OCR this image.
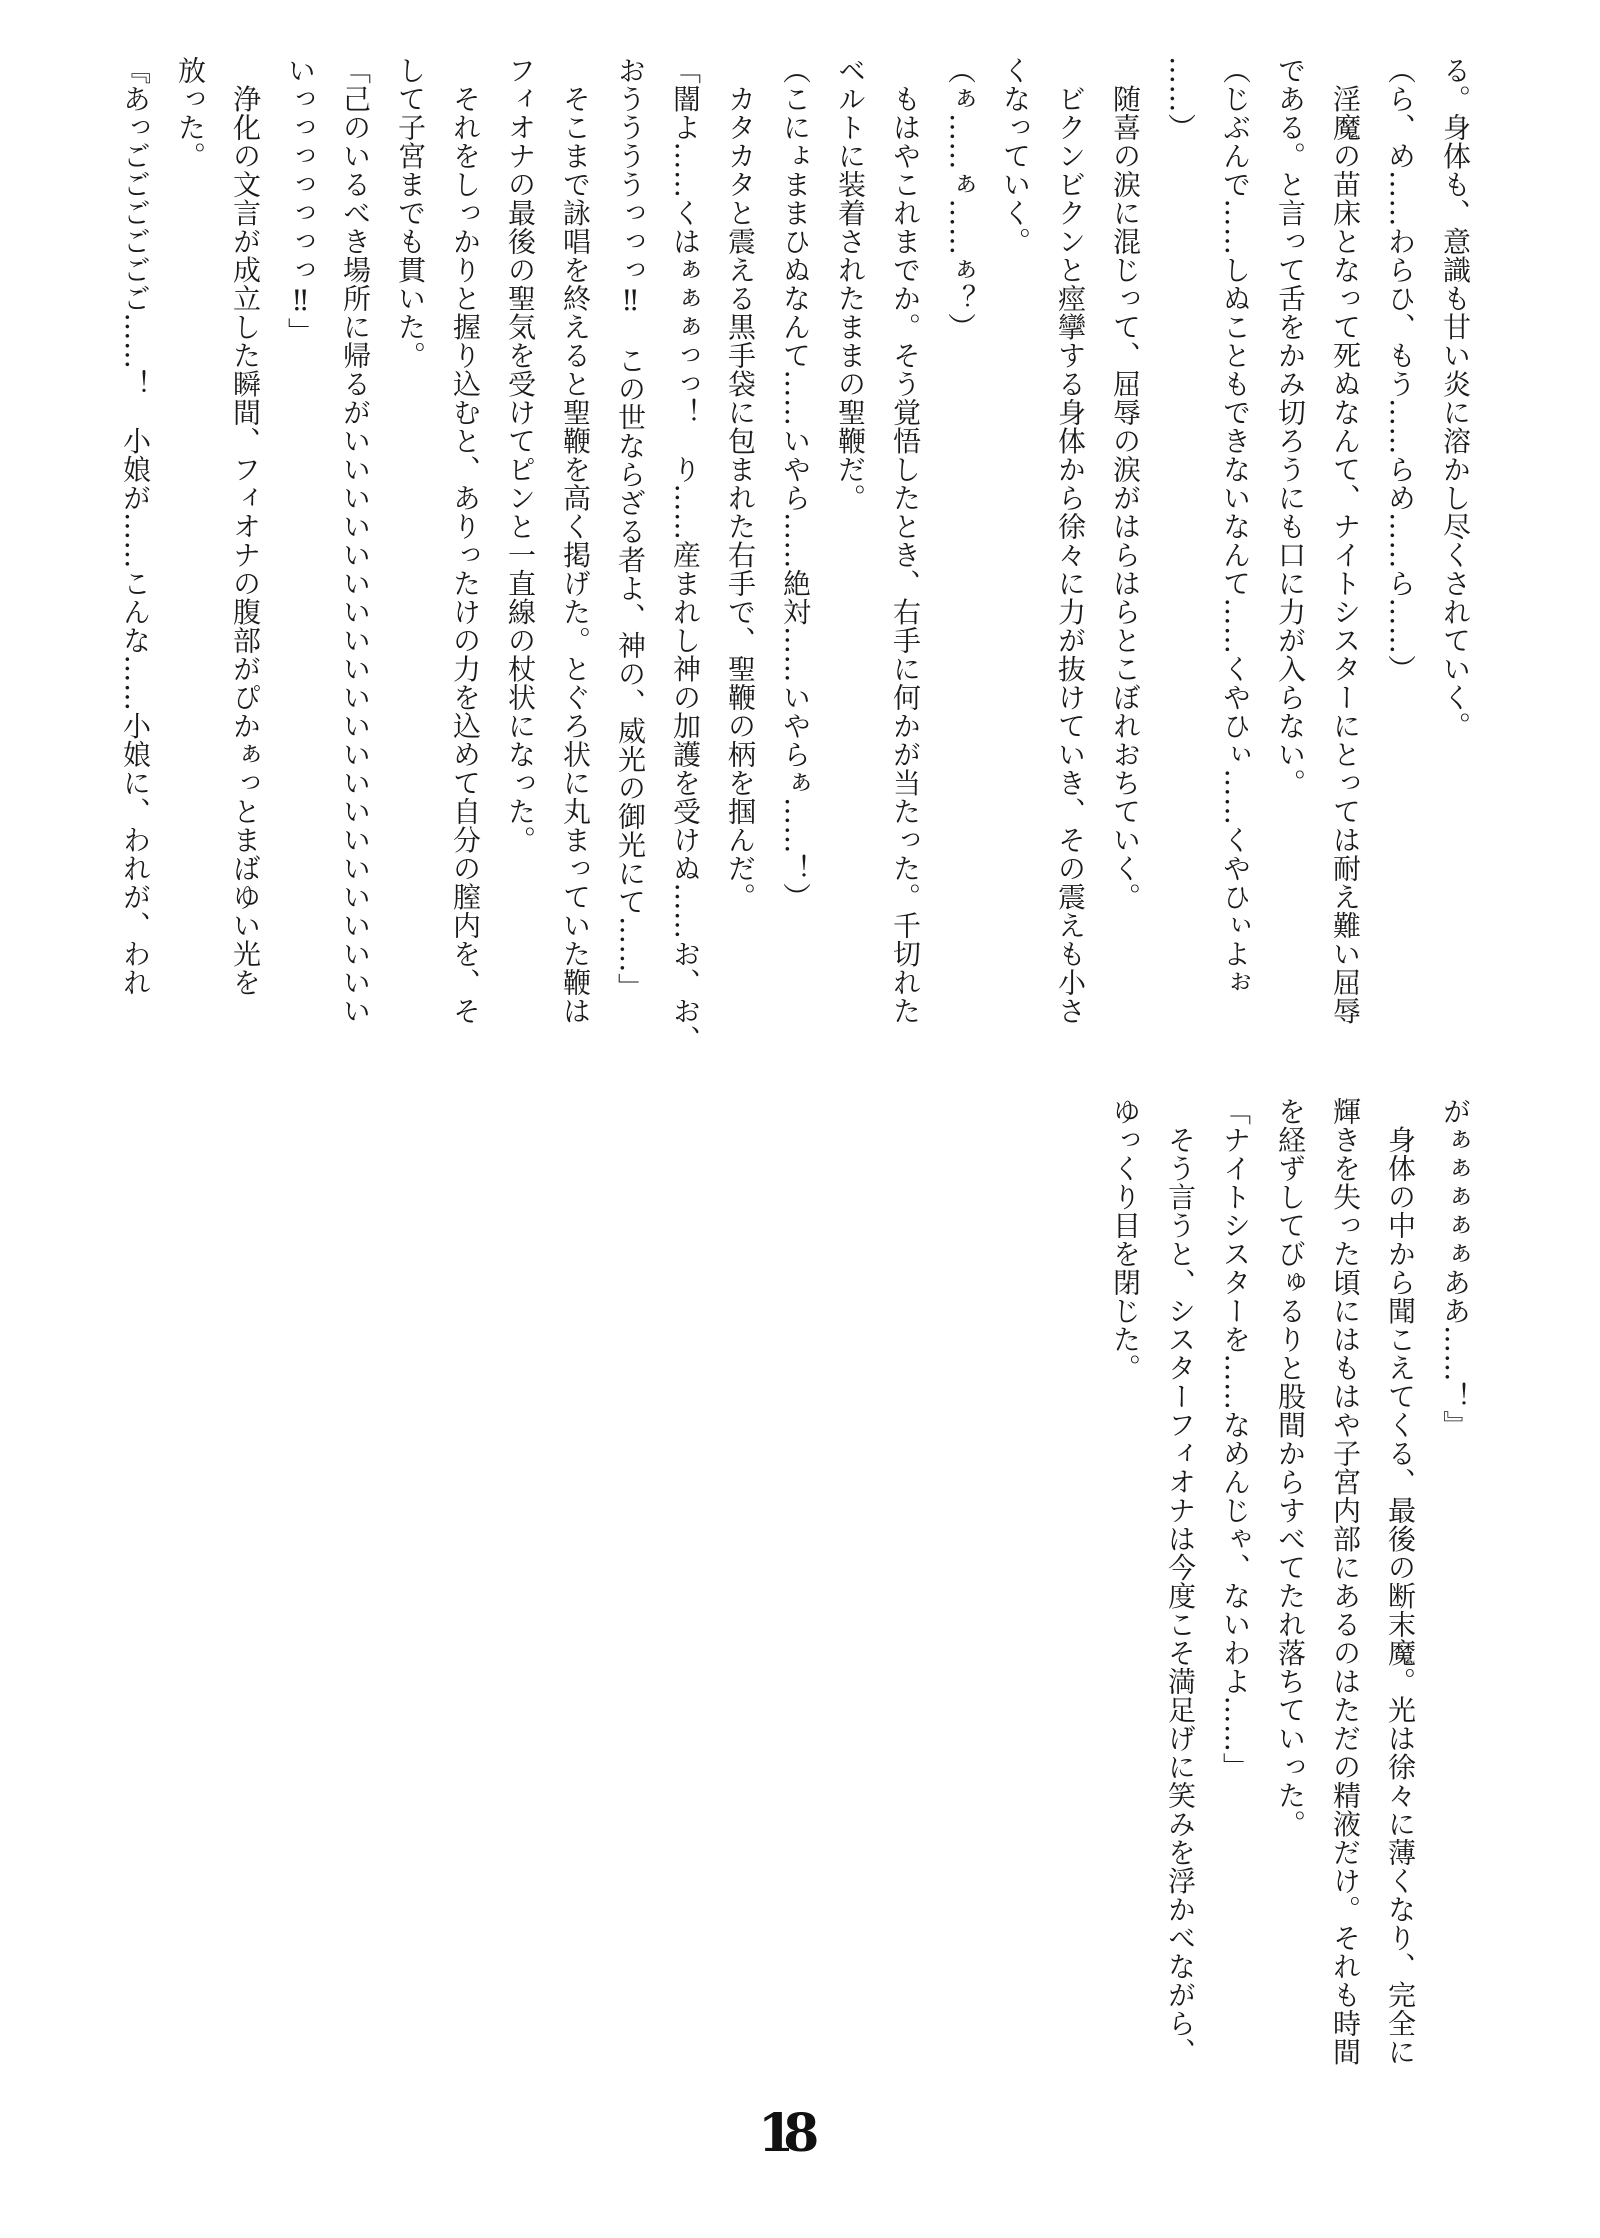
る。身体も、意識も甘い炎に溶かし尽くされていく。

（ら、め……わらひ、もう……らめ……ら……）

　淫魔の苗床となって死ぬなんて、ナイトシスターにとっては耐え難い屈辱

である。と言って舌をかみ切ろうにも口に力が入らない。

（じぶんで……しぬこともできないなんて……くやひぃ……くやひぃよぉ

……）

　随喜の涙に混じって、屈辱の涙がはらはらとこぼれおちていく。

　ビクンビクンと痙攣する身体から徐々に力が抜けていき、その震えも小さ

くなっていく。

（ぁ……ぁ……ぁ？）

　もはやこれまでか。そう覚悟したとき、右手に何かが当たった。千切れた

ベルトに装着されたままの聖鞭だ。

（こにょままひぬなんて……いやら……絶対……いやらぁ……！）

　カタカタと震える黒手袋に包まれた右手で、聖鞭の柄を掴んだ。

「闇よ……くはぁぁぁっっ！　り……産まれし神の加護を受けぬ……お、お、

おううううっっっ‼　この世ならざる者よ、神の、威光の御光にて……」

　そこまで詠唱を終えると聖鞭を高く掲げた。とぐろ状に丸まっていた鞭は

フィオナの最後の聖気を受けてピンと一直線の杖状になった。

　それをしっかりと握り込むと、ありったけの力を込めて自分の膣内を、そ

して子宮までも貫いた。

「己のいるべき場所に帰るがいいいいいいいいいいいいいいいいいいいいい

いっっっっっっっ‼」

　浄化の文言が成立した瞬間、フィオナの腹部がぴかぁっとまばゆい光を

放った。

『あっごごごごごご……！　小娘が……こんな……小娘に、われが、われ

がぁぁぁぁぁああ……！』

　身体の中から聞こえてくる、最後の断末魔。光は徐々に薄くなり、完全に

輝きを失った頃にはもはや子宮内部にあるのはただの精液だけ。それも時間

を経ずしてびゅるりと股間からすべてたれ落ちていった。

「ナイトシスターを……なめんじゃ、ないわよ……」

　そう言うと、シスターフィオナは今度こそ満足げに笑みを浮かべながら、

ゆっくり目を閉じた。

18
